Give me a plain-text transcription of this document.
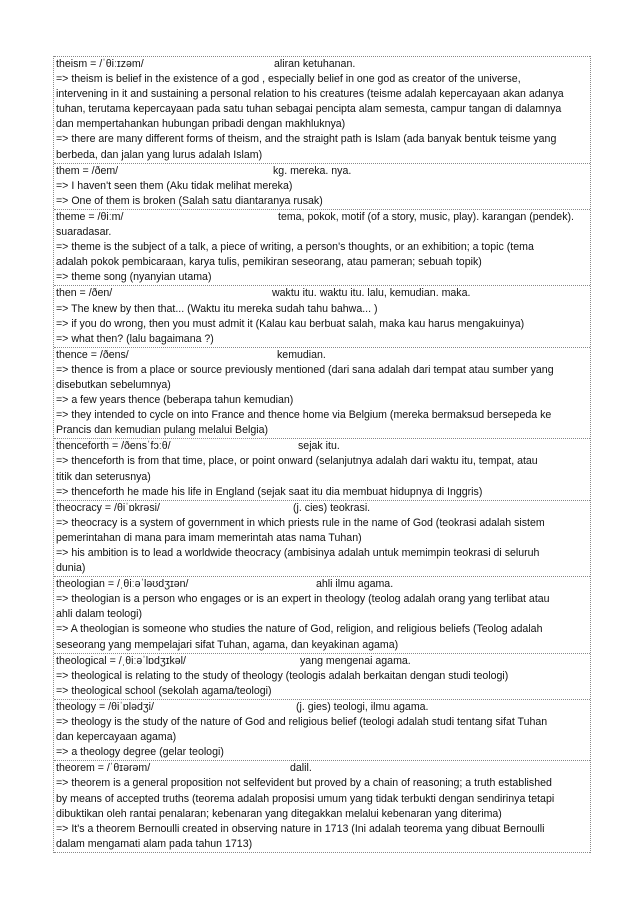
theism = /ˈθiːɪzəm/	aliran ketuhanan.
=> theism is belief in the existence of a god , especially belief in one god as creator of the universe,
intervening in it and sustaining a personal relation to his creatures (teisme adalah kepercayaan akan adanya
tuhan, terutama kepercayaan pada satu tuhan sebagai pencipta alam semesta, campur tangan di dalamnya
dan mempertahankan hubungan pribadi dengan makhluknya)
=> there are many different forms of theism, and the straight path is Islam (ada banyak bentuk teisme yang
berbeda, dan jalan yang lurus adalah Islam)
them = /ðem/	kg. mereka. nya.
=> I haven't seen them (Aku tidak melihat mereka)
=> One of them is broken (Salah satu diantaranya rusak)
theme = /θiːm/	tema, pokok, motif (of a story, music, play). karangan (pendek).
suaradasar.
=> theme is the subject of a talk, a piece of writing, a person's thoughts, or an exhibition; a topic (tema
adalah pokok pembicaraan, karya tulis, pemikiran seseorang, atau pameran; sebuah topik)
=> theme song (nyanyian utama)
then = /ðen/	waktu itu. waktu itu. lalu, kemudian. maka.
=> The knew by then that... (Waktu itu mereka sudah tahu bahwa... )
=> if you do wrong, then you must admit it (Kalau kau berbuat salah, maka kau harus mengakuinya)
=> what then? (lalu bagaimana ?)
thence = /ðens/	kemudian.
=> thence is from a place or source previously mentioned (dari sana adalah dari tempat atau sumber yang
disebutkan sebelumnya)
=> a few years thence (beberapa tahun kemudian)
=> they intended to cycle on into France and thence home via Belgium (mereka bermaksud bersepeda ke
Prancis dan kemudian pulang melalui Belgia)
thenceforth = /ðensˈfɔːθ/	sejak itu.
=> thenceforth is from that time, place, or point onward (selanjutnya adalah dari waktu itu, tempat, atau
titik dan seterusnya)
=> thenceforth he made his life in England (sejak saat itu dia membuat hidupnya di Inggris)
theocracy = /θiˈɒkrəsi/	(j. cies) teokrasi.
=> theocracy is a system of government in which priests rule in the name of God (teokrasi adalah sistem
pemerintahan di mana para imam memerintah atas nama Tuhan)
=> his ambition is to lead a worldwide theocracy (ambisinya adalah untuk memimpin teokrasi di seluruh
dunia)
theologian = /ˌθiːəˈləʊdʒɪən/	ahli ilmu agama.
=> theologian is a person who engages or is an expert in theology (teolog adalah orang yang terlibat atau
ahli dalam teologi)
=> A theologian is someone who studies the nature of God, religion, and religious beliefs (Teolog adalah
seseorang yang mempelajari sifat Tuhan, agama, dan keyakinan agama)
theological = /ˌθiːəˈlɒdʒɪkəl/	yang mengenai agama.
=> theological is relating to the study of theology (teologis adalah berkaitan dengan studi teologi)
=> theological school (sekolah agama/teologi)
theology = /θiˈɒlədʒi/	(j. gies) teologi, ilmu agama.
=> theology is the study of the nature of God and religious belief (teologi adalah studi tentang sifat Tuhan
dan kepercayaan agama)
=> a theology degree (gelar teologi)
theorem = /ˈθɪərəm/	dalil.
=> theorem is a general proposition not selfevident but proved by a chain of reasoning; a truth established
by means of accepted truths (teorema adalah proposisi umum yang tidak terbukti dengan sendirinya tetapi
dibuktikan oleh rantai penalaran; kebenaran yang ditegakkan melalui kebenaran yang diterima)
=> It's a theorem Bernoulli created in observing nature in 1713 (Ini adalah teorema yang dibuat Bernoulli
dalam mengamati alam pada tahun 1713)
